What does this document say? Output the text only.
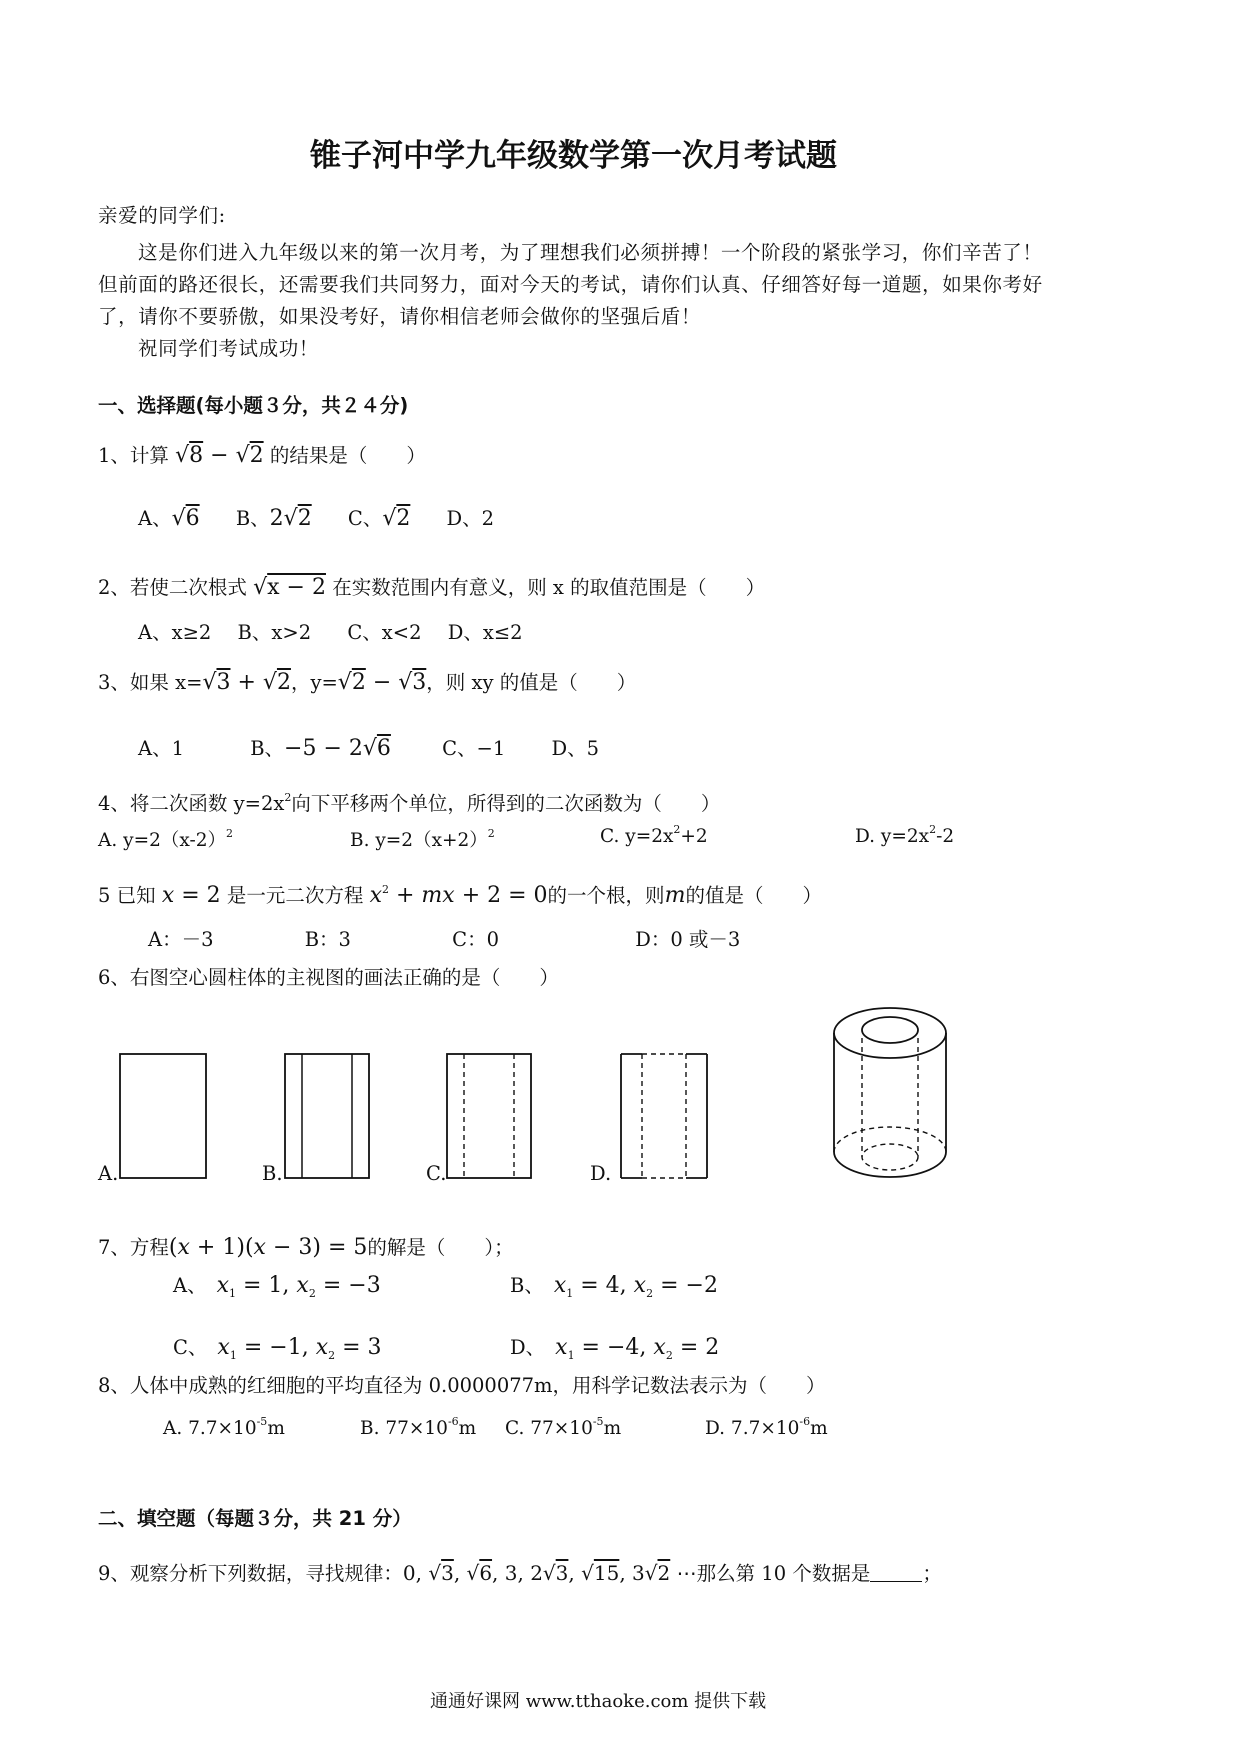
锥子河中学九年级数学第一次月考试题
亲爱的同学们:
这是你们进入九年级以来的第一次月考，为了理想我们必须拼搏！一个阶段的紧张学习，你们辛苦了！
但前面的路还很长，还需要我们共同努力，面对今天的考试，请你们认真、仔细答好每一道题，如果你考好
了，请你不要骄傲，如果没考好，请你相信老师会做你的坚强后盾！
祝同学们考试成功！
一、选择题(每小题３分，共２４分)
1、计算 √8 − √2 的结果是（　　）
A、√6 B、2√2 C、√2 D、2
2、若使二次根式 √x − 2 在实数范围内有意义，则 x 的取值范围是（　　）
A、x≥2 B、x>2 C、x<2 D、x≤2
3、如果 x=√3 + √2，y=√2 − √3，则 xy 的值是（　　）
A、1	B、−5 − 2√6	C、−1 D、5
4、将二次函数 $y=2x^2$向下平移两个单位，所得到的二次函数为（　　）
A. $y=2(x-2)^2$	B. $y=2(x+2)^2$	C. $y=2x^2+2$	D. $y=2x^2-2$
5 已知 x = 2 是一元二次方程 $x^2$ + mx + 2 = 0的一个根，则m的值是（　　）
A：－3	B：3	C：0	D：0 或－3
6、右图空心圆柱体的主视图的画法正确的是（　　）
A.	B.	C.	D.
7、方程(x + 1)(x − 3) = 5的解是（　　）；
A、 $x_1 = 1$, $x_2 = -3$	B、 $x_1 = 4$, $x_2 = -2$
C、 $x_1 = -1$, $x_2 = 3$	D、 $x_1 = -4$, $x_2 = 2$
8、人体中成熟的红细胞的平均直径为 0.0000077m，用科学记数法表示为（　　）
A. $7.7\times 10^{-5}m$	B. $77\times 10^{-6}m$ C. $77\times 10^{-5}m$	D. $7.7\times 10^{-6}m$
二、填空题（每题３分，共 21 分）
9、观察分析下列数据，寻找规律：0, √3, √6, 3, 2√3, √15, 3√2 ⋯那么第 10 个数据是	；
通通好课网 www.tthaoke.com 提供下载
